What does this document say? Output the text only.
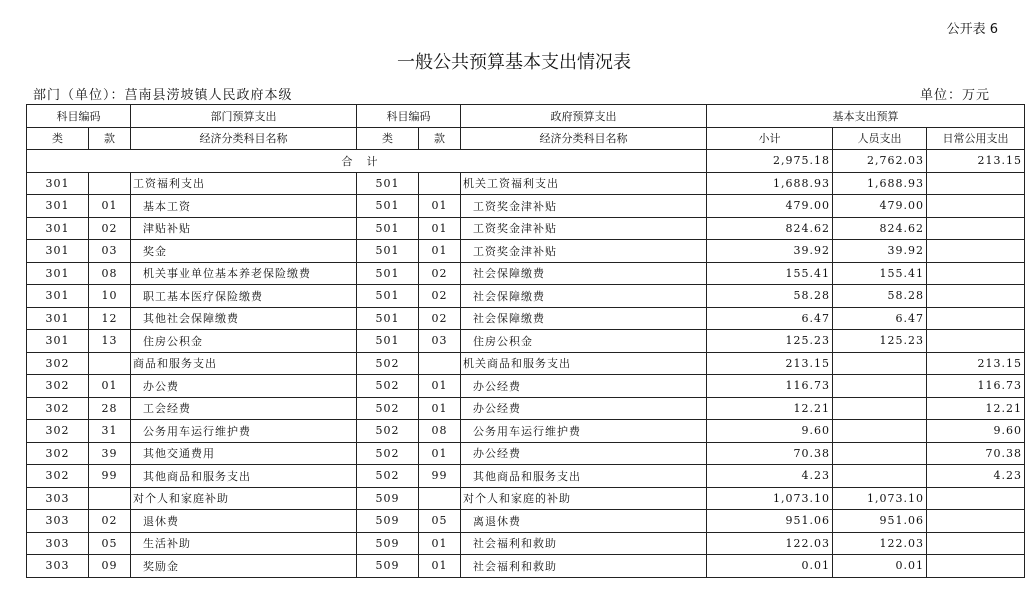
公开表 6
一般公共预算基本支出情况表
部门（单位）：莒南县涝坡镇人民政府本级	单位：万元
科目编码		部门预算支出	科目编码		政府预算支出	基本支出预算		
类	款	经济分类科目名称	类	款	经济分类科目名称	小计	人员支出	日常公用支出
合计						2,975.18	2,762.03	213.15
301		工资福利支出	501		机关工资福利支出	1,688.93	1,688.93	
301	01	基本工资	501	01	工资奖金津补贴	479.00	479.00	
301	02	津贴补贴	501	01	工资奖金津补贴	824.62	824.62	
301	03	奖金	501	01	工资奖金津补贴	39.92	39.92	
301	08	机关事业单位基本养老保险缴费	501	02	社会保障缴费	155.41	155.41	
301	10	职工基本医疗保险缴费	501	02	社会保障缴费	58.28	58.28	
301	12	其他社会保障缴费	501	02	社会保障缴费	6.47	6.47	
301	13	住房公积金	501	03	住房公积金	125.23	125.23	
302		商品和服务支出	502		机关商品和服务支出	213.15		213.15
302	01	办公费	502	01	办公经费	116.73		116.73
302	28	工会经费	502	01	办公经费	12.21		12.21
302	31	公务用车运行维护费	502	08	公务用车运行维护费	9.60		9.60
302	39	其他交通费用	502	01	办公经费	70.38		70.38
302	99	其他商品和服务支出	502	99	其他商品和服务支出	4.23		4.23
303		对个人和家庭补助	509		对个人和家庭的补助	1,073.10	1,073.10	
303	02	退休费	509	05	离退休费	951.06	951.06	
303	05	生活补助	509	01	社会福利和救助	122.03	122.03	
303	09	奖励金	509	01	社会福利和救助	0.01	0.01	
